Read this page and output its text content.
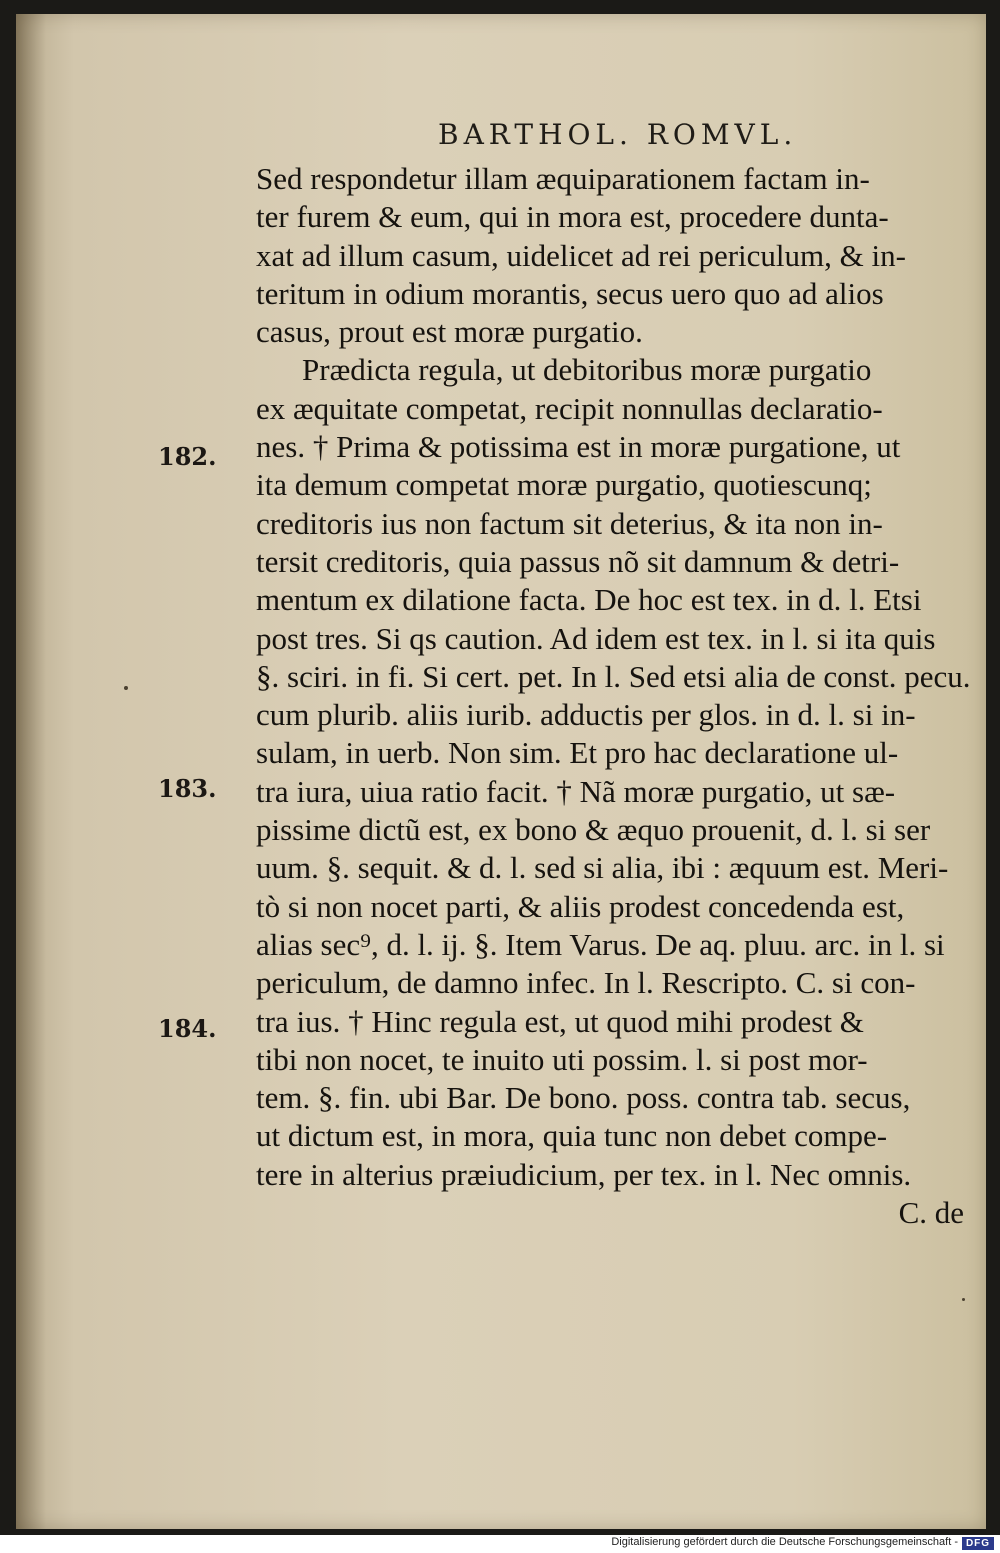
BARTHOL. ROMVL.
182.
183.
184.
Sed respondetur illam æquiparationem factam in-
ter furem & eum, qui in mora est, procedere dunta-
xat ad illum casum, uidelicet ad rei periculum, & in-
teritum in odium morantis, secus uero quo ad alios
casus, prout est moræ purgatio.
Prædicta regula, ut debitoribus moræ purgatio
ex æquitate competat, recipit nonnullas declaratio-
nes. † Prima & potissima est in moræ purgatione, ut
ita demum competat moræ purgatio, quotiescunq;
creditoris ius non factum sit deterius, & ita non in-
tersit creditoris, quia passus nõ sit damnum & detri-
mentum ex dilatione facta. De hoc est tex. in d. l. Etsi
post tres. Si qs caution. Ad idem est tex. in l. si ita quis
§. sciri. in fi. Si cert. pet. In l. Sed etsi alia de const. pecu.
cum plurib. aliis iurib. adductis per glos. in d. l. si in-
sulam, in uerb. Non sim. Et pro hac declaratione ul-
tra iura, uiua ratio facit. † Nã moræ purgatio, ut sæ-
pissime dictũ est, ex bono & æquo prouenit, d. l. si ser
uum. §. sequit. & d. l. sed si alia, ibi : æquum est. Meri-
tò si non nocet parti, & aliis prodest concedenda est,
alias sec⁹, d. l. ij. §. Item Varus. De aq. pluu. arc. in l. si
periculum, de damno infec. In l. Rescripto. C. si con-
tra ius. † Hinc regula est, ut quod mihi prodest &
tibi non nocet, te inuito uti possim. l. si post mor-
tem. §. fin. ubi Bar. De bono. poss. contra tab. secus,
ut dictum est, in mora, quia tunc non debet compe-
tere in alterius præiudicium, per tex. in l. Nec omnis.
C. de
Digitalisierung gefördert durch die Deutsche Forschungsgemeinschaft - DFG
